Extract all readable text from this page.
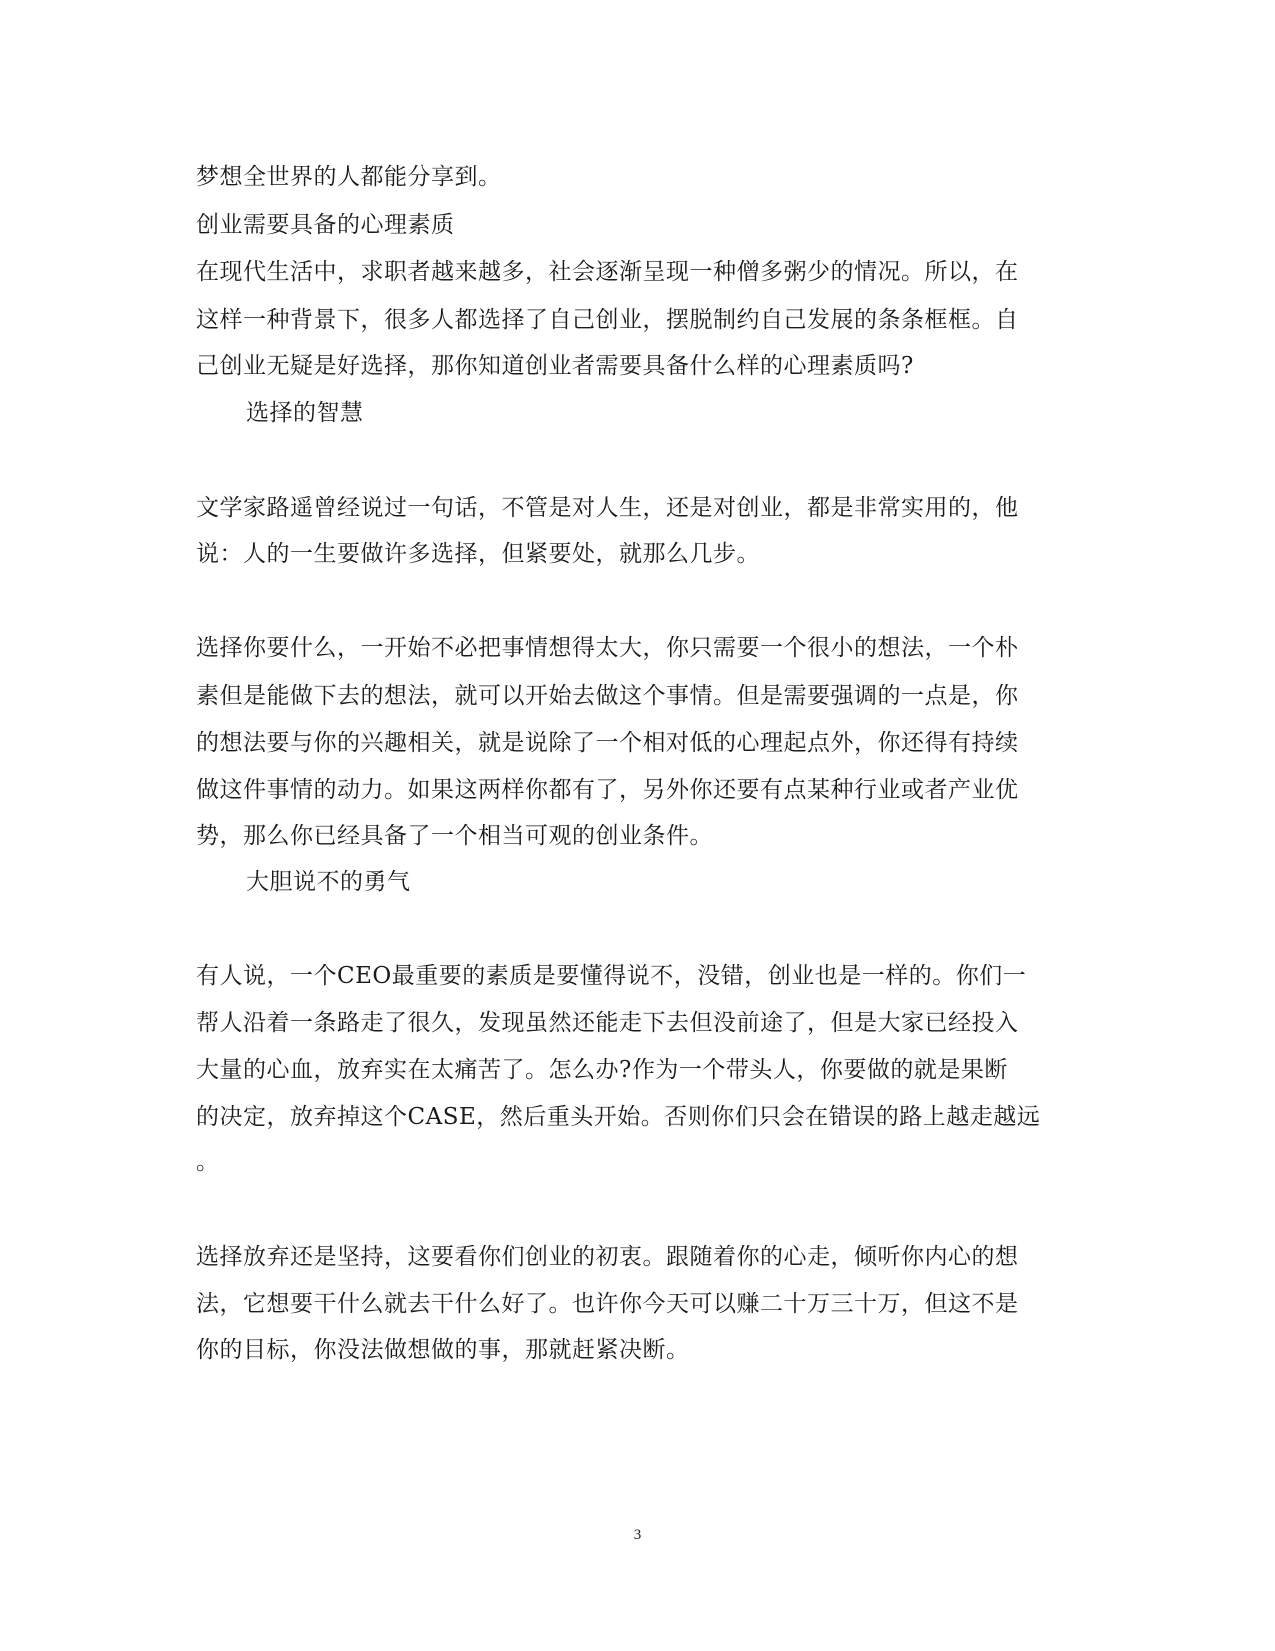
梦想全世界的人都能分享到。
创业需要具备的心理素质
在现代生活中，求职者越来越多，社会逐渐呈现一种僧多粥少的情况。所以，在
这样一种背景下，很多人都选择了自己创业，摆脱制约自己发展的条条框框。自
己创业无疑是好选择，那你知道创业者需要具备什么样的心理素质吗?
选择的智慧
文学家路遥曾经说过一句话，不管是对人生，还是对创业，都是非常实用的，他
说：人的一生要做许多选择，但紧要处，就那么几步。
选择你要什么，一开始不必把事情想得太大，你只需要一个很小的想法，一个朴
素但是能做下去的想法，就可以开始去做这个事情。但是需要强调的一点是，你
的想法要与你的兴趣相关，就是说除了一个相对低的心理起点外，你还得有持续
做这件事情的动力。如果这两样你都有了，另外你还要有点某种行业或者产业优
势，那么你已经具备了一个相当可观的创业条件。
大胆说不的勇气
有人说，一个CEO最重要的素质是要懂得说不，没错，创业也是一样的。你们一
帮人沿着一条路走了很久，发现虽然还能走下去但没前途了，但是大家已经投入
大量的心血，放弃实在太痛苦了。怎么办?作为一个带头人，你要做的就是果断
的决定，放弃掉这个CASE，然后重头开始。否则你们只会在错误的路上越走越远
。
选择放弃还是坚持，这要看你们创业的初衷。跟随着你的心走，倾听你内心的想
法，它想要干什么就去干什么好了。也许你今天可以赚二十万三十万，但这不是
你的目标，你没法做想做的事，那就赶紧决断。
3
